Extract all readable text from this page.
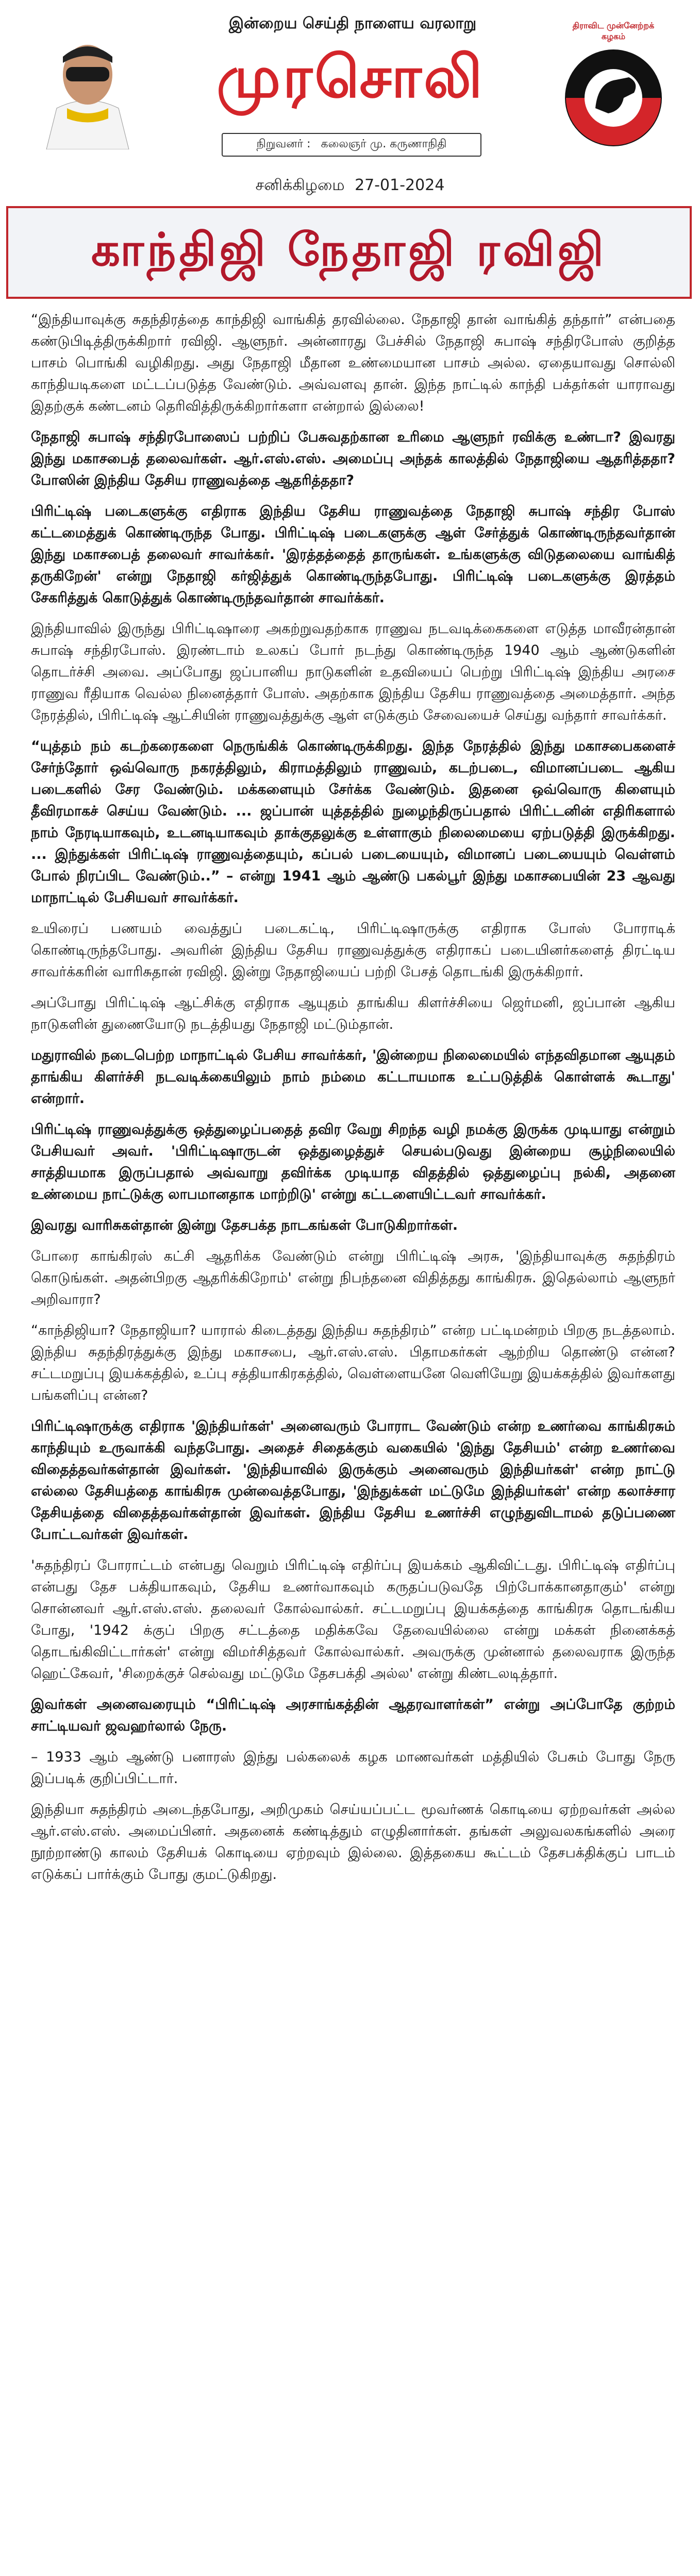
இன்றைய செய்தி நாளைய வரலாறு
முரசொலி
நிறுவனர் : கலைஞர் மு. கருணாநிதி
திராவிட முன்னேற்றக் கழகம்
சனிக்கிழமை 27-01-2024
காந்திஜி நேதாஜி ரவிஜி

“இந்தியாவுக்கு சுதந்திரத்தை காந்திஜி வாங்கித் தரவில்லை. நேதாஜி தான் வாங்கித் தந்தார்” என்பதை கண்டுபிடித்திருக்கிறார் ரவிஜி. ஆளுநர். அன்னாரது பேச்சில் நேதாஜி சுபாஷ் சந்திரபோஸ் குறித்த பாசம் பொங்கி வழிகிறது. அது நேதாஜி மீதான உண்மையான பாசம் அல்ல. ஏதையாவது சொல்லி காந்தியடிகளை மட்டப்படுத்த வேண்டும். அவ்வளவு தான். இந்த நாட்டில் காந்தி பக்தர்கள் யாராவது இதற்குக் கண்டனம் தெரிவித்திருக்கிறார்களா என்றால் இல்லை!

நேதாஜி சுபாஷ் சந்திரபோஸைப் பற்றிப் பேசுவதற்கான உரிமை ஆளுநர் ரவிக்கு உண்டா? இவரது இந்து மகாசபைத் தலைவர்கள். ஆர்.எஸ்.எஸ். அமைப்பு அந்தக் காலத்தில் நேதாஜியை ஆதரித்ததா? போஸின் இந்திய தேசிய ராணுவத்தை ஆதரித்ததா?

பிரிட்டிஷ் படைகளுக்கு எதிராக இந்திய தேசிய ராணுவத்தை நேதாஜி சுபாஷ் சந்திர போஸ் கட்டமைத்துக் கொண்டிருந்த போது. பிரிட்டிஷ் படைகளுக்கு ஆள் சேர்த்துக் கொண்டிருந்தவர்தான் இந்து மகாசபைத் தலைவர் சாவர்க்கர். 'இரத்தத்தைத் தாருங்கள். உங்களுக்கு விடுதலையை வாங்கித் தருகிறேன்' என்று நேதாஜி கர்ஜித்துக் கொண்டிருந்தபோது. பிரிட்டிஷ் படைகளுக்கு இரத்தம் சேகரித்துக் கொடுத்துக் கொண்டிருந்தவர்தான் சாவர்க்கர்.

இந்தியாவில் இருந்து பிரிட்டிஷாரை அகற்றுவதற்காக ராணுவ நடவடிக்கைகளை எடுத்த மாவீரன்தான் சுபாஷ் சந்திரபோஸ். இரண்டாம் உலகப் போர் நடந்து கொண்டிருந்த 1940 ஆம் ஆண்டுகளின் தொடர்ச்சி அவை. அப்போது ஜப்பானிய நாடுகளின் உதவியைப் பெற்று பிரிட்டிஷ் இந்திய அரசை ராணுவ ரீதியாக வெல்ல நினைத்தார் போஸ். அதற்காக இந்திய தேசிய ராணுவத்தை அமைத்தார். அந்த நேரத்தில், பிரிட்டிஷ் ஆட்சியின் ராணுவத்துக்கு ஆள் எடுக்கும் சேவையைச் செய்து வந்தார் சாவர்க்கர்.

“யுத்தம் நம் கடற்கரைகளை நெருங்கிக் கொண்டிருக்கிறது. இந்த நேரத்தில் இந்து மகாசபைகளைச் சேர்ந்தோர் ஒவ்வொரு நகரத்திலும், கிராமத்திலும் ராணுவம், கடற்படை, விமானப்படை ஆகிய படைகளில் சேர வேண்டும். மக்களையும் சேர்க்க வேண்டும். இதனை ஒவ்வொரு கிளையும் தீவிரமாகச் செய்ய வேண்டும். ... ஜப்பான் யுத்தத்தில் நுழைந்திருப்பதால் பிரிட்டனின் எதிரிகளால் நாம் நேரடியாகவும், உடனடியாகவும் தாக்குதலுக்கு உள்ளாகும் நிலைமையை ஏற்படுத்தி இருக்கிறது. ... இந்துக்கள் பிரிட்டிஷ் ராணுவத்தையும், கப்பல் படையையும், விமானப் படையையும் வெள்ளம் போல் நிரப்பிட வேண்டும்..” – என்று 1941 ஆம் ஆண்டு பகல்பூர் இந்து மகாசபையின் 23 ஆவது மாநாட்டில் பேசியவர் சாவர்க்கர்.

உயிரைப் பணயம் வைத்துப் படைகட்டி, பிரிட்டிஷாருக்கு எதிராக போஸ் போராடிக் கொண்டிருந்தபோது. அவரின் இந்திய தேசிய ராணுவத்துக்கு எதிராகப் படையினர்களைத் திரட்டிய சாவர்க்கரின் வாரிசுதான் ரவிஜி. இன்று நேதாஜியைப் பற்றி பேசத் தொடங்கி இருக்கிறார்.

அப்போது பிரிட்டிஷ் ஆட்சிக்கு எதிராக ஆயுதம் தாங்கிய கிளர்ச்சியை ஜெர்மனி, ஜப்பான் ஆகிய நாடுகளின் துணையோடு நடத்தியது நேதாஜி மட்டும்தான்.

மதுராவில் நடைபெற்ற மாநாட்டில் பேசிய சாவர்க்கர், 'இன்றைய நிலைமையில் எந்தவிதமான ஆயுதம் தாங்கிய கிளர்ச்சி நடவடிக்கையிலும் நாம் நம்மை கட்டாயமாக உட்படுத்திக் கொள்ளக் கூடாது' என்றார்.

பிரிட்டிஷ் ராணுவத்துக்கு ஒத்துழைப்பதைத் தவிர வேறு சிறந்த வழி நமக்கு இருக்க முடியாது என்றும் பேசியவர் அவர். 'பிரிட்டிஷாருடன் ஒத்துழைத்துச் செயல்படுவது இன்றைய சூழ்நிலையில் சாத்தியமாக இருப்பதால் அவ்வாறு தவிர்க்க முடியாத விதத்தில் ஒத்துழைப்பு நல்கி, அதனை உண்மைய நாட்டுக்கு லாபமானதாக மாற்றிடு' என்று கட்டளையிட்டவர் சாவர்க்கர்.

இவரது வாரிசுகள்தான் இன்று தேசபக்த நாடகங்கள் போடுகிறார்கள்.

போரை காங்கிரஸ் கட்சி ஆதரிக்க வேண்டும் என்று பிரிட்டிஷ் அரசு, 'இந்தியாவுக்கு சுதந்திரம் கொடுங்கள். அதன்பிறகு ஆதரிக்கிறோம்' என்று நிபந்தனை விதித்தது காங்கிரசு. இதெல்லாம் ஆளுநர் அறிவாரா?

“காந்திஜியா? நேதாஜியா? யாரால் கிடைத்தது இந்திய சுதந்திரம்” என்ற பட்டிமன்றம் பிறகு நடத்தலாம். இந்திய சுதந்திரத்துக்கு இந்து மகாசபை, ஆர்.எஸ்.எஸ். பிதாமகர்கள் ஆற்றிய தொண்டு என்ன? சட்டமறுப்பு இயக்கத்தில், உப்பு சத்தியாகிரகத்தில், வெள்ளையனே வெளியேறு இயக்கத்தில் இவர்களது பங்களிப்பு என்ன?

பிரிட்டிஷாருக்கு எதிராக 'இந்தியர்கள்' அனைவரும் போராட வேண்டும் என்ற உணர்வை காங்கிரசும் காந்தியும் உருவாக்கி வந்தபோது. அதைச் சிதைக்கும் வகையில் 'இந்து தேசியம்' என்ற உணர்வை விதைத்தவர்கள்தான் இவர்கள். 'இந்தியாவில் இருக்கும் அனைவரும் இந்தியர்கள்' என்ற நாட்டு எல்லை தேசியத்தை காங்கிரசு முன்வைத்தபோது, 'இந்துக்கள் மட்டுமே இந்தியர்கள்' என்ற கலாச்சார தேசியத்தை விதைத்தவர்கள்தான் இவர்கள். இந்திய தேசிய உணர்ச்சி எழுந்துவிடாமல் தடுப்பணை போட்டவர்கள் இவர்கள்.

'சுதந்திரப் போராட்டம் என்பது வெறும் பிரிட்டிஷ் எதிர்ப்பு இயக்கம் ஆகிவிட்டது. பிரிட்டிஷ் எதிர்ப்பு என்பது தேச பக்தியாகவும், தேசிய உணர்வாகவும் கருதப்படுவதே பிற்போக்கானதாகும்' என்று சொன்னவர் ஆர்.எஸ்.எஸ். தலைவர் கோல்வால்கர். சட்டமறுப்பு இயக்கத்தை காங்கிரசு தொடங்கிய போது, '1942 க்குப் பிறகு சட்டத்தை மதிக்கவே தேவையில்லை என்று மக்கள் நினைக்கத் தொடங்கிவிட்டார்கள்' என்று விமர்சித்தவர் கோல்வால்கர். அவருக்கு முன்னால் தலைவராக இருந்த ஹெட்கேவர், 'சிறைக்குச் செல்வது மட்டுமே தேசபக்தி அல்ல' என்று கிண்டலடித்தார்.

இவர்கள் அனைவரையும் “பிரிட்டிஷ் அரசாங்கத்தின் ஆதரவாளர்கள்” என்று அப்போதே குற்றம் சாட்டியவர் ஜவஹர்லால் நேரு.

– 1933 ஆம் ஆண்டு பனாரஸ் இந்து பல்கலைக் கழக மாணவர்கள் மத்தியில் பேசும் போது நேரு இப்படிக் குறிப்பிட்டார்.

இந்தியா சுதந்திரம் அடைந்தபோது, அறிமுகம் செய்யப்பட்ட மூவர்ணக் கொடியை ஏற்றவர்கள் அல்ல ஆர்.எஸ்.எஸ். அமைப்பினர். அதனைக் கண்டித்தும் எழுதினார்கள். தங்கள் அலுவலகங்களில் அரை நூற்றாண்டு காலம் தேசியக் கொடியை ஏற்றவும் இல்லை. இத்தகைய கூட்டம் தேசபக்திக்குப் பாடம் எடுக்கப் பார்க்கும் போது குமட்டுகிறது.
